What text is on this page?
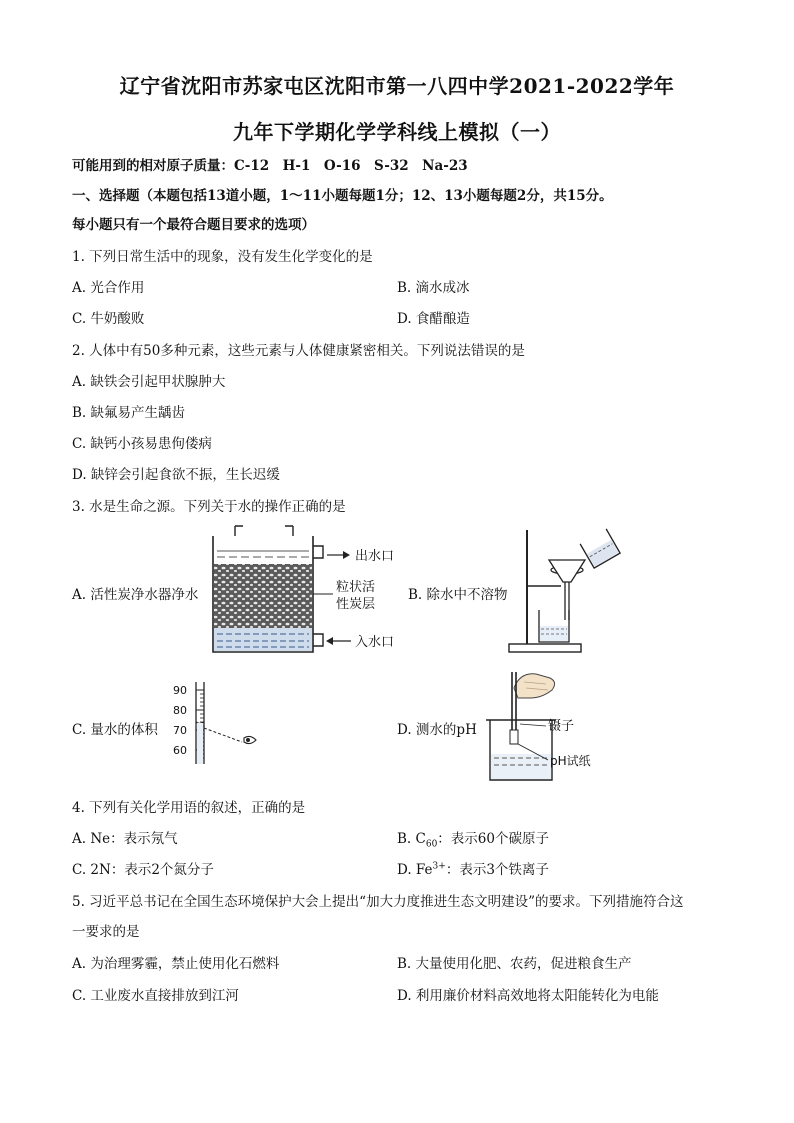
辽宁省沈阳市苏家屯区沈阳市第一八四中学2021-2022学年
九年下学期化学学科线上模拟（一）
可能用到的相对原子质量：C-12　H-1　O-16　S-32　Na-23
一、选择题（本题包括13道小题，1～11小题每题1分；12、13小题每题2分，共15分。
每小题只有一个最符合题目要求的选项）
1. 下列日常生活中的现象，没有发生化学变化的是
A. 光合作用	B. 滴水成冰
C. 牛奶酸败	D. 食醋酿造
2. 人体中有50多种元素，这些元素与人体健康紧密相关。下列说法错误的是
A. 缺铁会引起甲状腺肿大
B. 缺氟易产生龋齿
C. 缺钙小孩易患佝偻病
D. 缺锌会引起食欲不振，生长迟缓
3. 水是生命之源。下列关于水的操作正确的是
A. 活性炭净水器净水	B. 除水中不溶物
C. 量水的体积	D. 测水的pH
出水口
粒状活
性炭层
入水口
90
80
70
60
镊子
pH试纸
4. 下列有关化学用语的叙述，正确的是
A. Ne：表示氖气	B. $C_{60}$：表示60个碳原子
C. 2N：表示2个氮分子	D. $Fe^{3+}$：表示3个铁离子
5. 习近平总书记在全国生态环境保护大会上提出“加大力度推进生态文明建设”的要求。下列措施符合这
一要求的是
A. 为治理雾霾，禁止使用化石燃料	B. 大量使用化肥、农药，促进粮食生产
C. 工业废水直接排放到江河	D. 利用廉价材料高效地将太阳能转化为电能
